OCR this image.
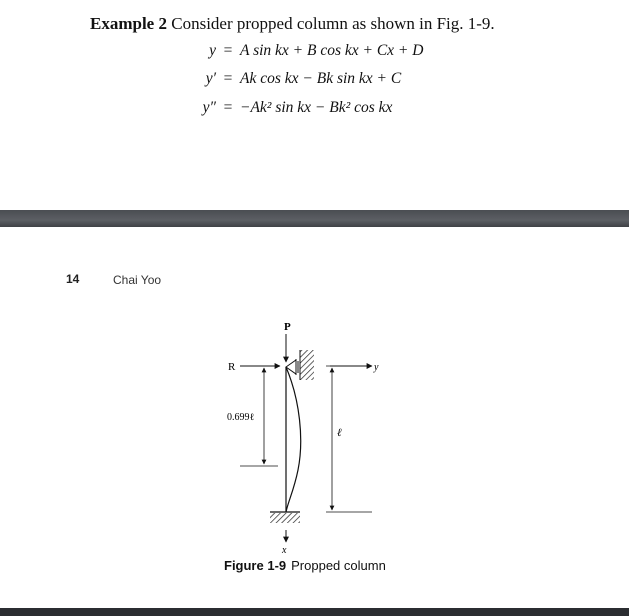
Example 2 Consider propped column as shown in Fig. 1-9.
y = A sin kx + B cos kx + Cx + D
y′ = Ak cos kx − Bk sin kx + C
y″ = −Ak² sin kx − Bk² cos kx
14	Chai Yoo
P
R
x
y
0.699ℓ
ℓ
Figure 1-9 Propped column
